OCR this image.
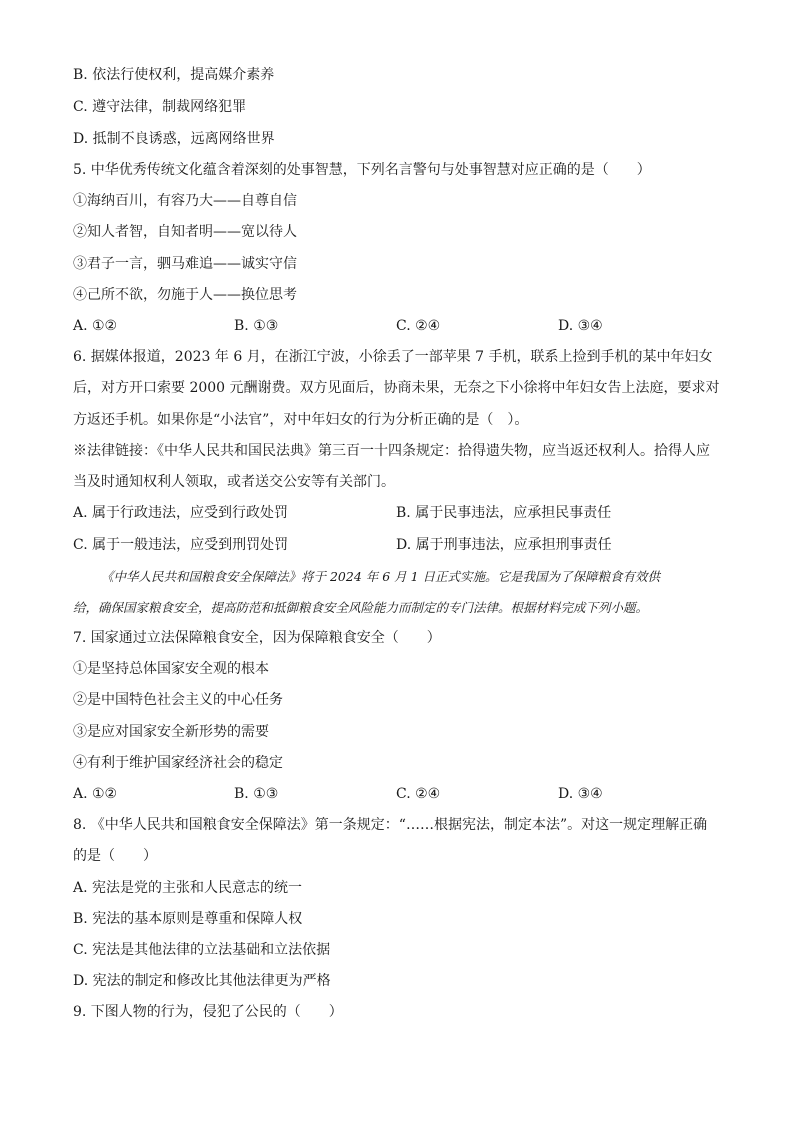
B. 依法行使权利，提高媒介素养
C. 遵守法律，制裁网络犯罪
D. 抵制不良诱惑，远离网络世界
5. 中华优秀传统文化蕴含着深刻的处事智慧，下列名言警句与处事智慧对应正确的是（　　）
①海纳百川，有容乃大——自尊自信
②知人者智，自知者明——宽以待人
③君子一言，驷马难追——诚实守信
④己所不欲，勿施于人——换位思考
A. ①②	B. ①③	C. ②④	D. ③④
6. 据媒体报道，2023 年 6 月，在浙江宁波，小徐丢了一部苹果 7 手机，联系上捡到手机的某中年妇女
后，对方开口索要 2000 元酬谢费。双方见面后，协商未果，无奈之下小徐将中年妇女告上法庭，要求对
方返还手机。如果你是“小法官”，对中年妇女的行为分析正确的是（　）。
※法律链接：《中华人民共和国民法典》第三百一十四条规定：拾得遗失物，应当返还权利人。拾得人应
当及时通知权利人领取，或者送交公安等有关部门。
A. 属于行政违法，应受到行政处罚	B. 属于民事违法，应承担民事责任
C. 属于一般违法，应受到刑罚处罚	D. 属于刑事违法，应承担刑事责任
《中华人民共和国粮食安全保障法》将于 2024 年 6 月 1 日正式实施。它是我国为了保障粮食有效供
给，确保国家粮食安全，提高防范和抵御粮食安全风险能力而制定的专门法律。根据材料完成下列小题。
7. 国家通过立法保障粮食安全，因为保障粮食安全（　　）
①是坚持总体国家安全观的根本
②是中国特色社会主义的中心任务
③是应对国家安全新形势的需要
④有利于维护国家经济社会的稳定
A. ①②	B. ①③	C. ②④	D. ③④
8. 《中华人民共和国粮食安全保障法》第一条规定：“……根据宪法，制定本法”。对这一规定理解正确
的是（　　）
A. 宪法是党的主张和人民意志的统一
B. 宪法的基本原则是尊重和保障人权
C. 宪法是其他法律的立法基础和立法依据
D. 宪法的制定和修改比其他法律更为严格
9. 下图人物的行为，侵犯了公民的（　　）
